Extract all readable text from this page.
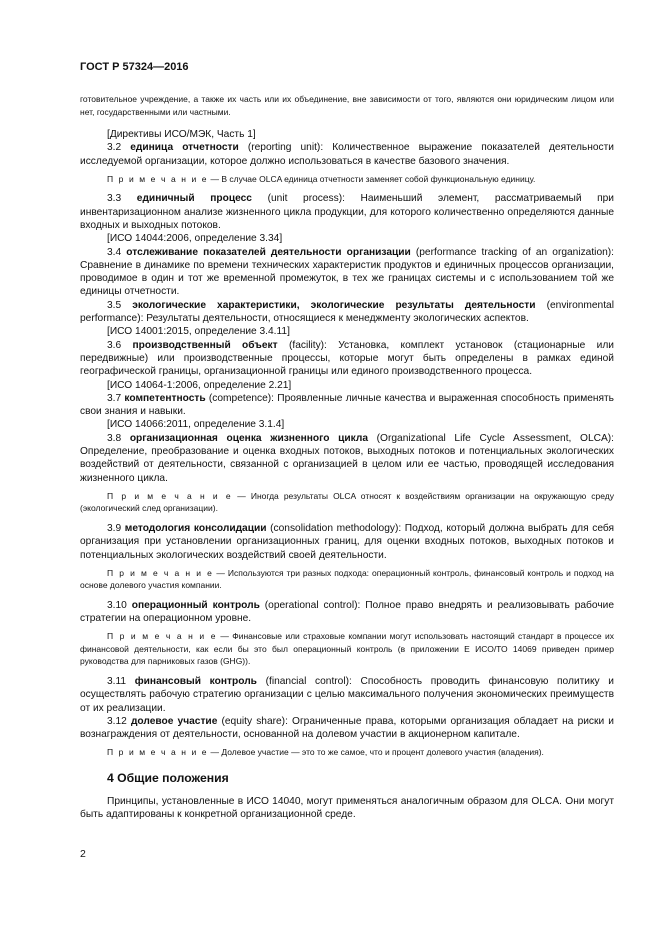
ГОСТ Р 57324—2016

готовительное учреждение, а также их часть или их объединение, вне зависимости от того, являются они юридическим лицом или нет, государственными или частными.

[Директивы ИСО/МЭК, Часть 1]

3.2 единица отчетности (reporting unit): Количественное выражение показателей деятельности исследуемой организации, которое должно использоваться в качестве базового значения.

П р и м е ч а н и е — В случае OLCA единица отчетности заменяет собой функциональную единицу.

3.3 единичный процесс (unit process): Наименьший элемент, рассматриваемый при инвентаризационном анализе жизненного цикла продукции, для которого количественно определяются данные входных и выходных потоков.

[ИСО 14044:2006, определение 3.34]

3.4 отслеживание показателей деятельности организации (performance tracking of an organization): Сравнение в динамике по времени технических характеристик продуктов и единичных процессов организации, проводимое в один и тот же временной промежуток, в тех же границах системы и с использованием той же единицы отчетности.

3.5 экологические характеристики, экологические результаты деятельности (environmental performance): Результаты деятельности, относящиеся к менеджменту экологических аспектов.

[ИСО 14001:2015, определение 3.4.11]

3.6 производственный объект (facility): Установка, комплект установок (стационарные или передвижные) или производственные процессы, которые могут быть определены в рамках единой географической границы, организационной границы или единого производственного процесса.

[ИСО 14064-1:2006, определение 2.21]

3.7 компетентность (competence): Проявленные личные качества и выраженная способность применять свои знания и навыки.

[ИСО 14066:2011, определение 3.1.4]

3.8 организационная оценка жизненного цикла (Organizational Life Cycle Assessment, OLCA): Определение, преобразование и оценка входных потоков, выходных потоков и потенциальных экологических воздействий от деятельности, связанной с организацией в целом или ее частью, проводящей исследования жизненного цикла.

П р и м е ч а н и е — Иногда результаты OLCA относят к воздействиям организации на окружающую среду (экологический след организации).

3.9 методология консолидации (consolidation methodology): Подход, который должна выбрать для себя организация при установлении организационных границ, для оценки входных потоков, выходных потоков и потенциальных экологических воздействий своей деятельности.

П р и м е ч а н и е — Используются три разных подхода: операционный контроль, финансовый контроль и подход на основе долевого участия компании.

3.10 операционный контроль (operational control): Полное право внедрять и реализовывать рабочие стратегии на операционном уровне.

П р и м е ч а н и е — Финансовые или страховые компании могут использовать настоящий стандарт в процессе их финансовой деятельности, как если бы это был операционный контроль (в приложении Е ИСО/ТО 14069 приведен пример руководства для парниковых газов (GHG)).

3.11 финансовый контроль (financial control): Способность проводить финансовую политику и осуществлять рабочую стратегию организации с целью максимального получения экономических преимуществ от их реализации.

3.12 долевое участие (equity share): Ограниченные права, которыми организация обладает на риски и вознаграждения от деятельности, основанной на долевом участии в акционерном капитале.

П р и м е ч а н и е — Долевое участие — это то же самое, что и процент долевого участия (владения).

4 Общие положения

Принципы, установленные в ИСО 14040, могут применяться аналогичным образом для OLCA. Они могут быть адаптированы к конкретной организационной среде.

2
